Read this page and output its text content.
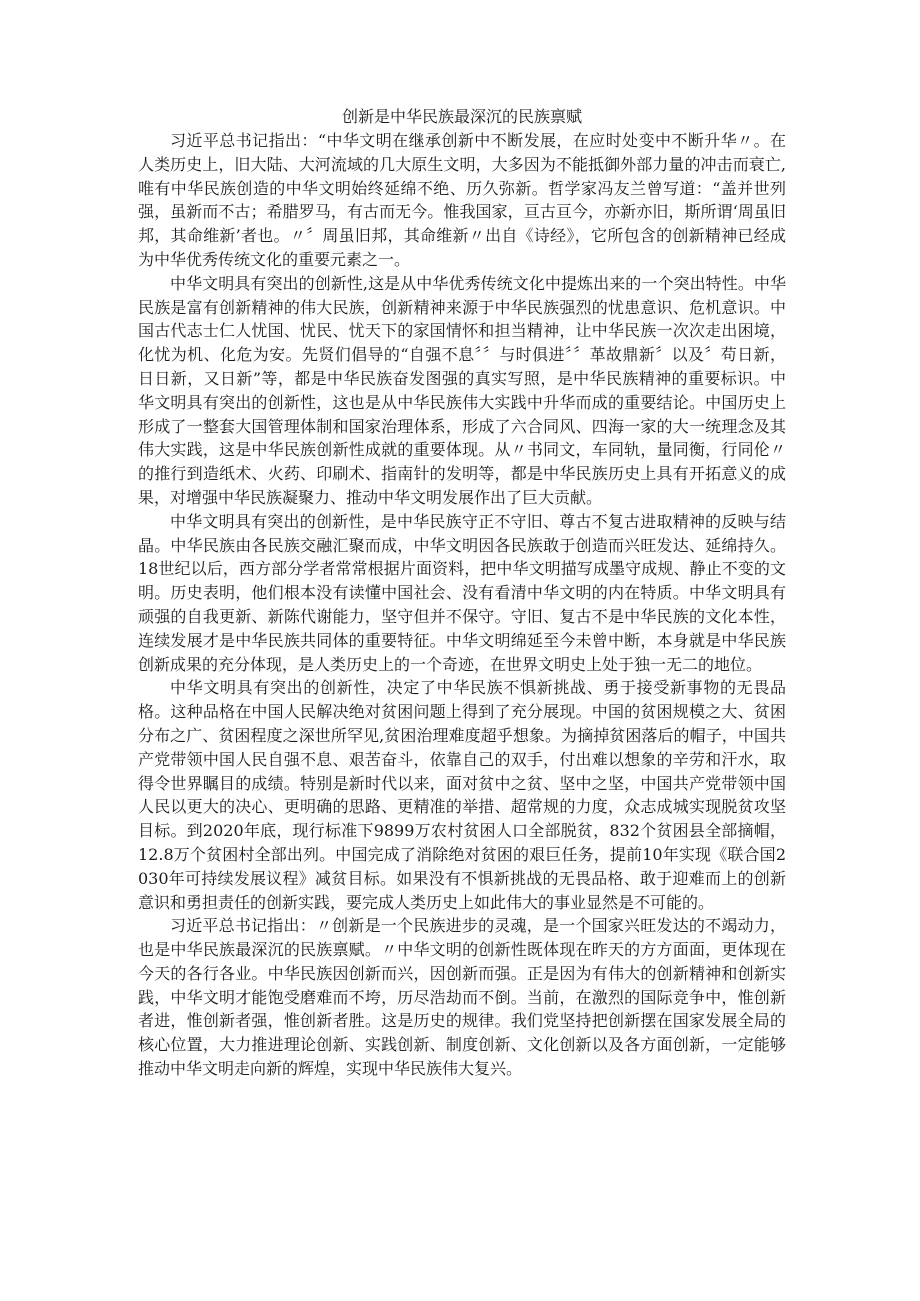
创新是中华民族最深沉的民族禀赋

习近平总书记指出：“中华文明在继承创新中不断发展，在应时处变中不断升华〃。在人类历史上，旧大陆、大河流域的几大原生文明，大多因为不能抵御外部力量的冲击而衰亡,唯有中华民族创造的中华文明始终延绵不绝、历久弥新。哲学家冯友兰曾写道：“盖并世列强，虽新而不古；希腊罗马，有古而无今。惟我国家，亘古亘今，亦新亦旧，斯所谓‘周虽旧邦，其命维新’者也。〃〞周虽旧邦，其命维新〃出自《诗经》，它所包含的创新精神已经成为中华优秀传统文化的重要元素之一。

中华文明具有突出的创新性,这是从中华优秀传统文化中提炼出来的一个突出特性。中华民族是富有创新精神的伟大民族，创新精神来源于中华民族强烈的忧患意识、危机意识。中国古代志士仁人忧国、忧民、忧天下的家国情怀和担当精神，让中华民族一次次走出困境，化忧为机、化危为安。先贤们倡导的“自强不息〞〞与时俱进〞〞革故鼎新〞以及〞苟日新，日日新，又日新”等，都是中华民族奋发图强的真实写照，是中华民族精神的重要标识。中华文明具有突出的创新性，这也是从中华民族伟大实践中升华而成的重要结论。中国历史上形成了一整套大国管理体制和国家治理体系，形成了六合同风、四海一家的大一统理念及其伟大实践，这是中华民族创新性成就的重要体现。从〃书同文，车同轨，量同衡，行同伦〃的推行到造纸术、火药、印刷术、指南针的发明等，都是中华民族历史上具有开拓意义的成果，对增强中华民族凝聚力、推动中华文明发展作出了巨大贡献。

中华文明具有突出的创新性，是中华民族守正不守旧、尊古不复古进取精神的反映与结晶。中华民族由各民族交融汇聚而成，中华文明因各民族敢于创造而兴旺发达、延绵持久。18世纪以后，西方部分学者常常根据片面资料，把中华文明描写成墨守成规、静止不变的文明。历史表明，他们根本没有读懂中国社会、没有看清中华文明的内在特质。中华文明具有顽强的自我更新、新陈代谢能力，坚守但并不保守。守旧、复古不是中华民族的文化本性，连续发展才是中华民族共同体的重要特征。中华文明绵延至今未曾中断，本身就是中华民族创新成果的充分体现，是人类历史上的一个奇迹，在世界文明史上处于独一无二的地位。

中华文明具有突出的创新性，决定了中华民族不惧新挑战、勇于接受新事物的无畏品格。这种品格在中国人民解决绝对贫困问题上得到了充分展现。中国的贫困规模之大、贫困分布之广、贫困程度之深世所罕见,贫困治理难度超乎想象。为摘掉贫困落后的帽子，中国共产党带领中国人民自强不息、艰苦奋斗，依靠自己的双手，付出难以想象的辛劳和汗水，取得令世界瞩目的成绩。特别是新时代以来，面对贫中之贫、坚中之坚，中国共产党带领中国人民以更大的决心、更明确的思路、更精准的举措、超常规的力度，众志成城实现脱贫攻坚目标。到2020年底，现行标准下9899万农村贫困人口全部脱贫，832个贫困县全部摘帽，12.8万个贫困村全部出列。中国完成了消除绝对贫困的艰巨任务，提前10年实现《联合国2030年可持续发展议程》减贫目标。如果没有不惧新挑战的无畏品格、敢于迎难而上的创新意识和勇担责任的创新实践，要完成人类历史上如此伟大的事业显然是不可能的。

习近平总书记指出：〃创新是一个民族进步的灵魂，是一个国家兴旺发达的不竭动力，也是中华民族最深沉的民族禀赋。〃中华文明的创新性既体现在昨天的方方面面，更体现在今天的各行各业。中华民族因创新而兴，因创新而强。正是因为有伟大的创新精神和创新实践，中华文明才能饱受磨难而不垮，历尽浩劫而不倒。当前，在激烈的国际竞争中，惟创新者进，惟创新者强，惟创新者胜。这是历史的规律。我们党坚持把创新摆在国家发展全局的核心位置，大力推进理论创新、实践创新、制度创新、文化创新以及各方面创新，一定能够推动中华文明走向新的辉煌，实现中华民族伟大复兴。
